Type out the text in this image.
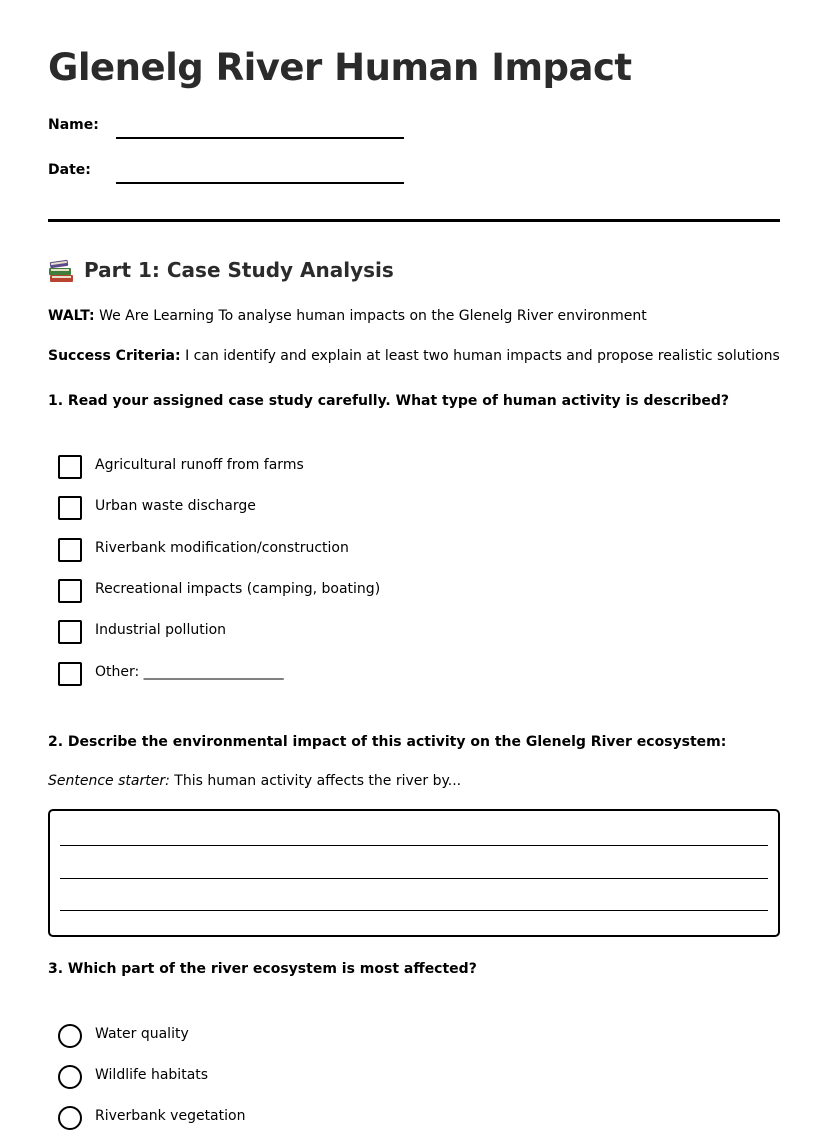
Glenelg River Human Impact
Name:
Date:
Part 1: Case Study Analysis
WALT: We Are Learning To analyse human impacts on the Glenelg River environment
Success Criteria: I can identify and explain at least two human impacts and propose realistic solutions
1. Read your assigned case study carefully. What type of human activity is described?
Agricultural runoff from farms
Urban waste discharge
Riverbank modification/construction
Recreational impacts (camping, boating)
Industrial pollution
Other: ____________________
2. Describe the environmental impact of this activity on the Glenelg River ecosystem:
Sentence starter: This human activity affects the river by...
3. Which part of the river ecosystem is most affected?
Water quality
Wildlife habitats
Riverbank vegetation
